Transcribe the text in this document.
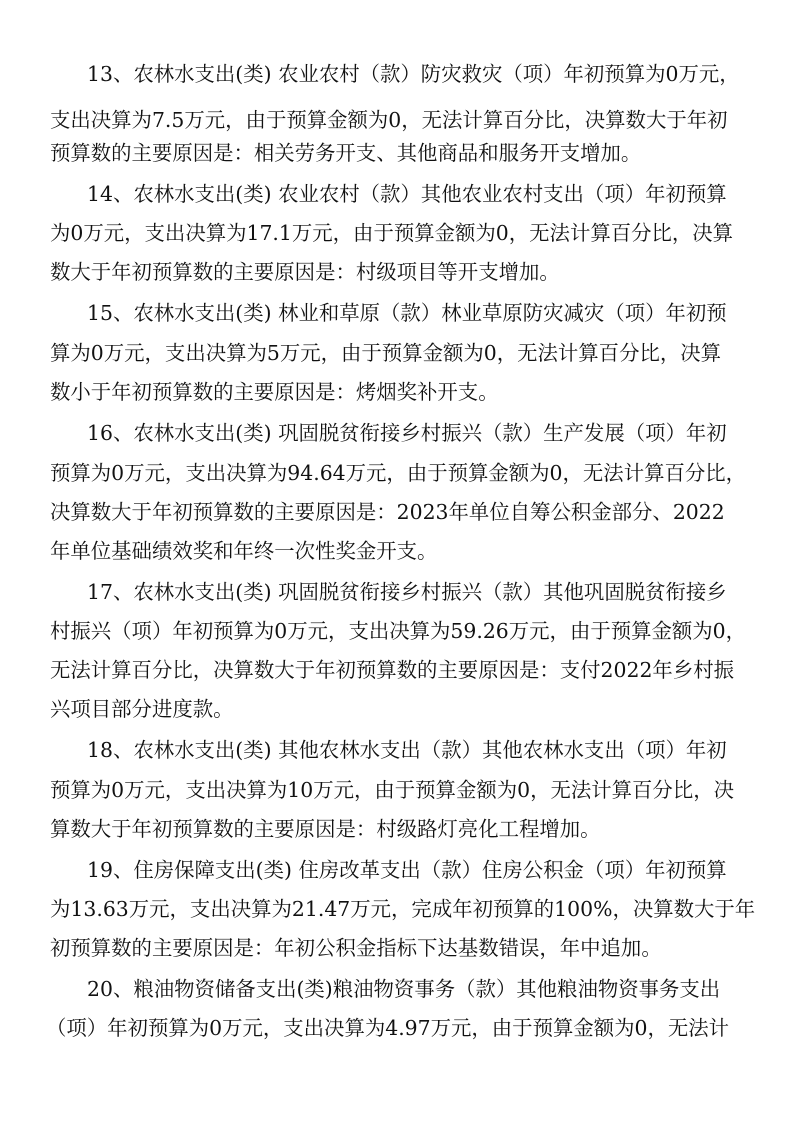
13、农林水支出(类) 农业农村（款）防灾救灾（项）年初预算为0万元，
支出决算为7.5万元，由于预算金额为0，无法计算百分比，决算数大于年初
预算数的主要原因是：相关劳务开支、其他商品和服务开支增加。
14、农林水支出(类) 农业农村（款）其他农业农村支出（项）年初预算
为0万元，支出决算为17.1万元，由于预算金额为0，无法计算百分比，决算
数大于年初预算数的主要原因是：村级项目等开支增加。
15、农林水支出(类) 林业和草原（款）林业草原防灾减灾（项）年初预
算为0万元，支出决算为5万元，由于预算金额为0，无法计算百分比，决算
数小于年初预算数的主要原因是：烤烟奖补开支。
16、农林水支出(类) 巩固脱贫衔接乡村振兴（款）生产发展（项）年初
预算为0万元，支出决算为94.64万元，由于预算金额为0，无法计算百分比，
决算数大于年初预算数的主要原因是：2023年单位自筹公积金部分、2022
年单位基础绩效奖和年终一次性奖金开支。
17、农林水支出(类) 巩固脱贫衔接乡村振兴（款）其他巩固脱贫衔接乡
村振兴（项）年初预算为0万元，支出决算为59.26万元，由于预算金额为0，
无法计算百分比，决算数大于年初预算数的主要原因是：支付2022年乡村振
兴项目部分进度款。
18、农林水支出(类) 其他农林水支出（款）其他农林水支出（项）年初
预算为0万元，支出决算为10万元，由于预算金额为0，无法计算百分比，决
算数大于年初预算数的主要原因是：村级路灯亮化工程增加。
19、住房保障支出(类) 住房改革支出（款）住房公积金（项）年初预算
为13.63万元，支出决算为21.47万元，完成年初预算的100%，决算数大于年
初预算数的主要原因是：年初公积金指标下达基数错误，年中追加。
20、粮油物资储备支出(类)粮油物资事务（款）其他粮油物资事务支出
（项）年初预算为0万元，支出决算为4.97万元，由于预算金额为0，无法计
